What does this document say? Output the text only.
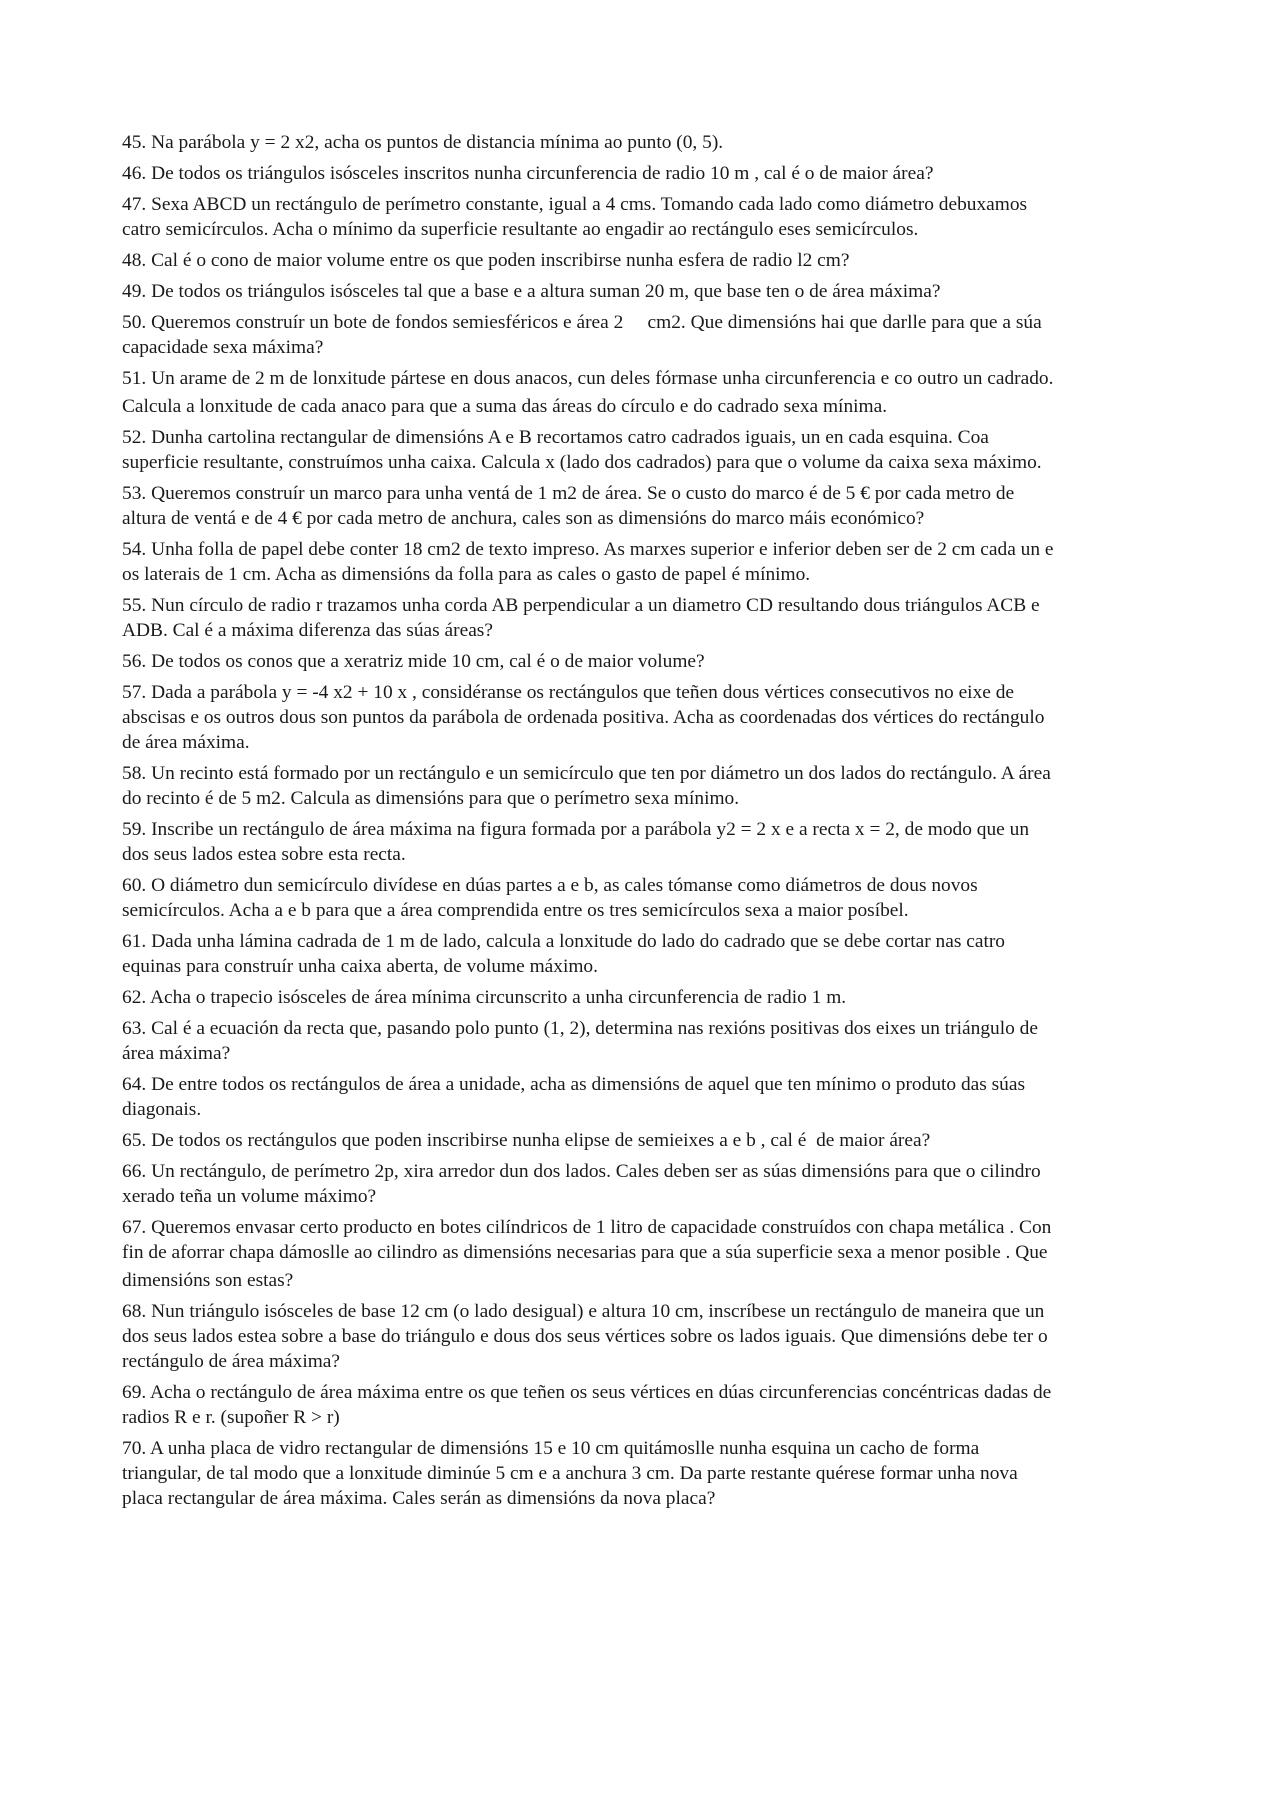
45. Na parábola y = 2 x2, acha os puntos de distancia mínima ao punto (0, 5).
46. De todos os triángulos isósceles inscritos nunha circunferencia de radio 10 m , cal é o de maior área?
47. Sexa ABCD un rectángulo de perímetro constante, igual a 4 cms. Tomando cada lado como diámetro debuxamos
catro semicírculos. Acha o mínimo da superficie resultante ao engadir ao rectángulo eses semicírculos.
48. Cal é o cono de maior volume entre os que poden inscribirse nunha esfera de radio l2 cm?
49. De todos os triángulos isósceles tal que a base e a altura suman 20 m, que base ten o de área máxima?
50. Queremos construír un bote de fondos semiesféricos e área 2     cm2. Que dimensións hai que darlle para que a súa
capacidade sexa máxima?
51. Un arame de 2 m de lonxitude pártese en dous anacos, cun deles fórmase unha circunferencia e co outro un cadrado.
Calcula a lonxitude de cada anaco para que a suma das áreas do círculo e do cadrado sexa mínima.
52. Dunha cartolina rectangular de dimensións A e B recortamos catro cadrados iguais, un en cada esquina. Coa
superficie resultante, construímos unha caixa. Calcula x (lado dos cadrados) para que o volume da caixa sexa máximo.
53. Queremos construír un marco para unha ventá de 1 m2 de área. Se o custo do marco é de 5 € por cada metro de
altura de ventá e de 4 € por cada metro de anchura, cales son as dimensións do marco máis económico?
54. Unha folla de papel debe conter 18 cm2 de texto impreso. As marxes superior e inferior deben ser de 2 cm cada un e
os laterais de 1 cm. Acha as dimensións da folla para as cales o gasto de papel é mínimo.
55. Nun círculo de radio r trazamos unha corda AB perpendicular a un diametro CD resultando dous triángulos ACB e
ADB. Cal é a máxima diferenza das súas áreas?
56. De todos os conos que a xeratriz mide 10 cm, cal é o de maior volume?
57. Dada a parábola y = -4 x2 + 10 x , considéranse os rectángulos que teñen dous vértices consecutivos no eixe de
abscisas e os outros dous son puntos da parábola de ordenada positiva. Acha as coordenadas dos vértices do rectángulo
de área máxima.
58. Un recinto está formado por un rectángulo e un semicírculo que ten por diámetro un dos lados do rectángulo. A área
do recinto é de 5 m2. Calcula as dimensións para que o perímetro sexa mínimo.
59. Inscribe un rectángulo de área máxima na figura formada por a parábola y2 = 2 x e a recta x = 2, de modo que un
dos seus lados estea sobre esta recta.
60. O diámetro dun semicírculo divídese en dúas partes a e b, as cales tómanse como diámetros de dous novos
semicírculos. Acha a e b para que a área comprendida entre os tres semicírculos sexa a maior posíbel.
61. Dada unha lámina cadrada de 1 m de lado, calcula a lonxitude do lado do cadrado que se debe cortar nas catro
equinas para construír unha caixa aberta, de volume máximo.
62. Acha o trapecio isósceles de área mínima circunscrito a unha circunferencia de radio 1 m.
63. Cal é a ecuación da recta que, pasando polo punto (1, 2), determina nas rexións positivas dos eixes un triángulo de
área máxima?
64. De entre todos os rectángulos de área a unidade, acha as dimensións de aquel que ten mínimo o produto das súas
diagonais.
65. De todos os rectángulos que poden inscribirse nunha elipse de semieixes a e b , cal é  de maior área?
66. Un rectángulo, de perímetro 2p, xira arredor dun dos lados. Cales deben ser as súas dimensións para que o cilindro
xerado teña un volume máximo?
67. Queremos envasar certo producto en botes cilíndricos de 1 litro de capacidade construídos con chapa metálica . Con
fin de aforrar chapa dámoslle ao cilindro as dimensións necesarias para que a súa superficie sexa a menor posible . Que
dimensións son estas?
68. Nun triángulo isósceles de base 12 cm (o lado desigual) e altura 10 cm, inscríbese un rectángulo de maneira que un
dos seus lados estea sobre a base do triángulo e dous dos seus vértices sobre os lados iguais. Que dimensións debe ter o
rectángulo de área máxima?
69. Acha o rectángulo de área máxima entre os que teñen os seus vértices en dúas circunferencias concéntricas dadas de
radios R e r. (supoñer R > r)
70. A unha placa de vidro rectangular de dimensións 15 e 10 cm quitámoslle nunha esquina un cacho de forma
triangular, de tal modo que a lonxitude diminúe 5 cm e a anchura 3 cm. Da parte restante quérese formar unha nova
placa rectangular de área máxima. Cales serán as dimensións da nova placa?
